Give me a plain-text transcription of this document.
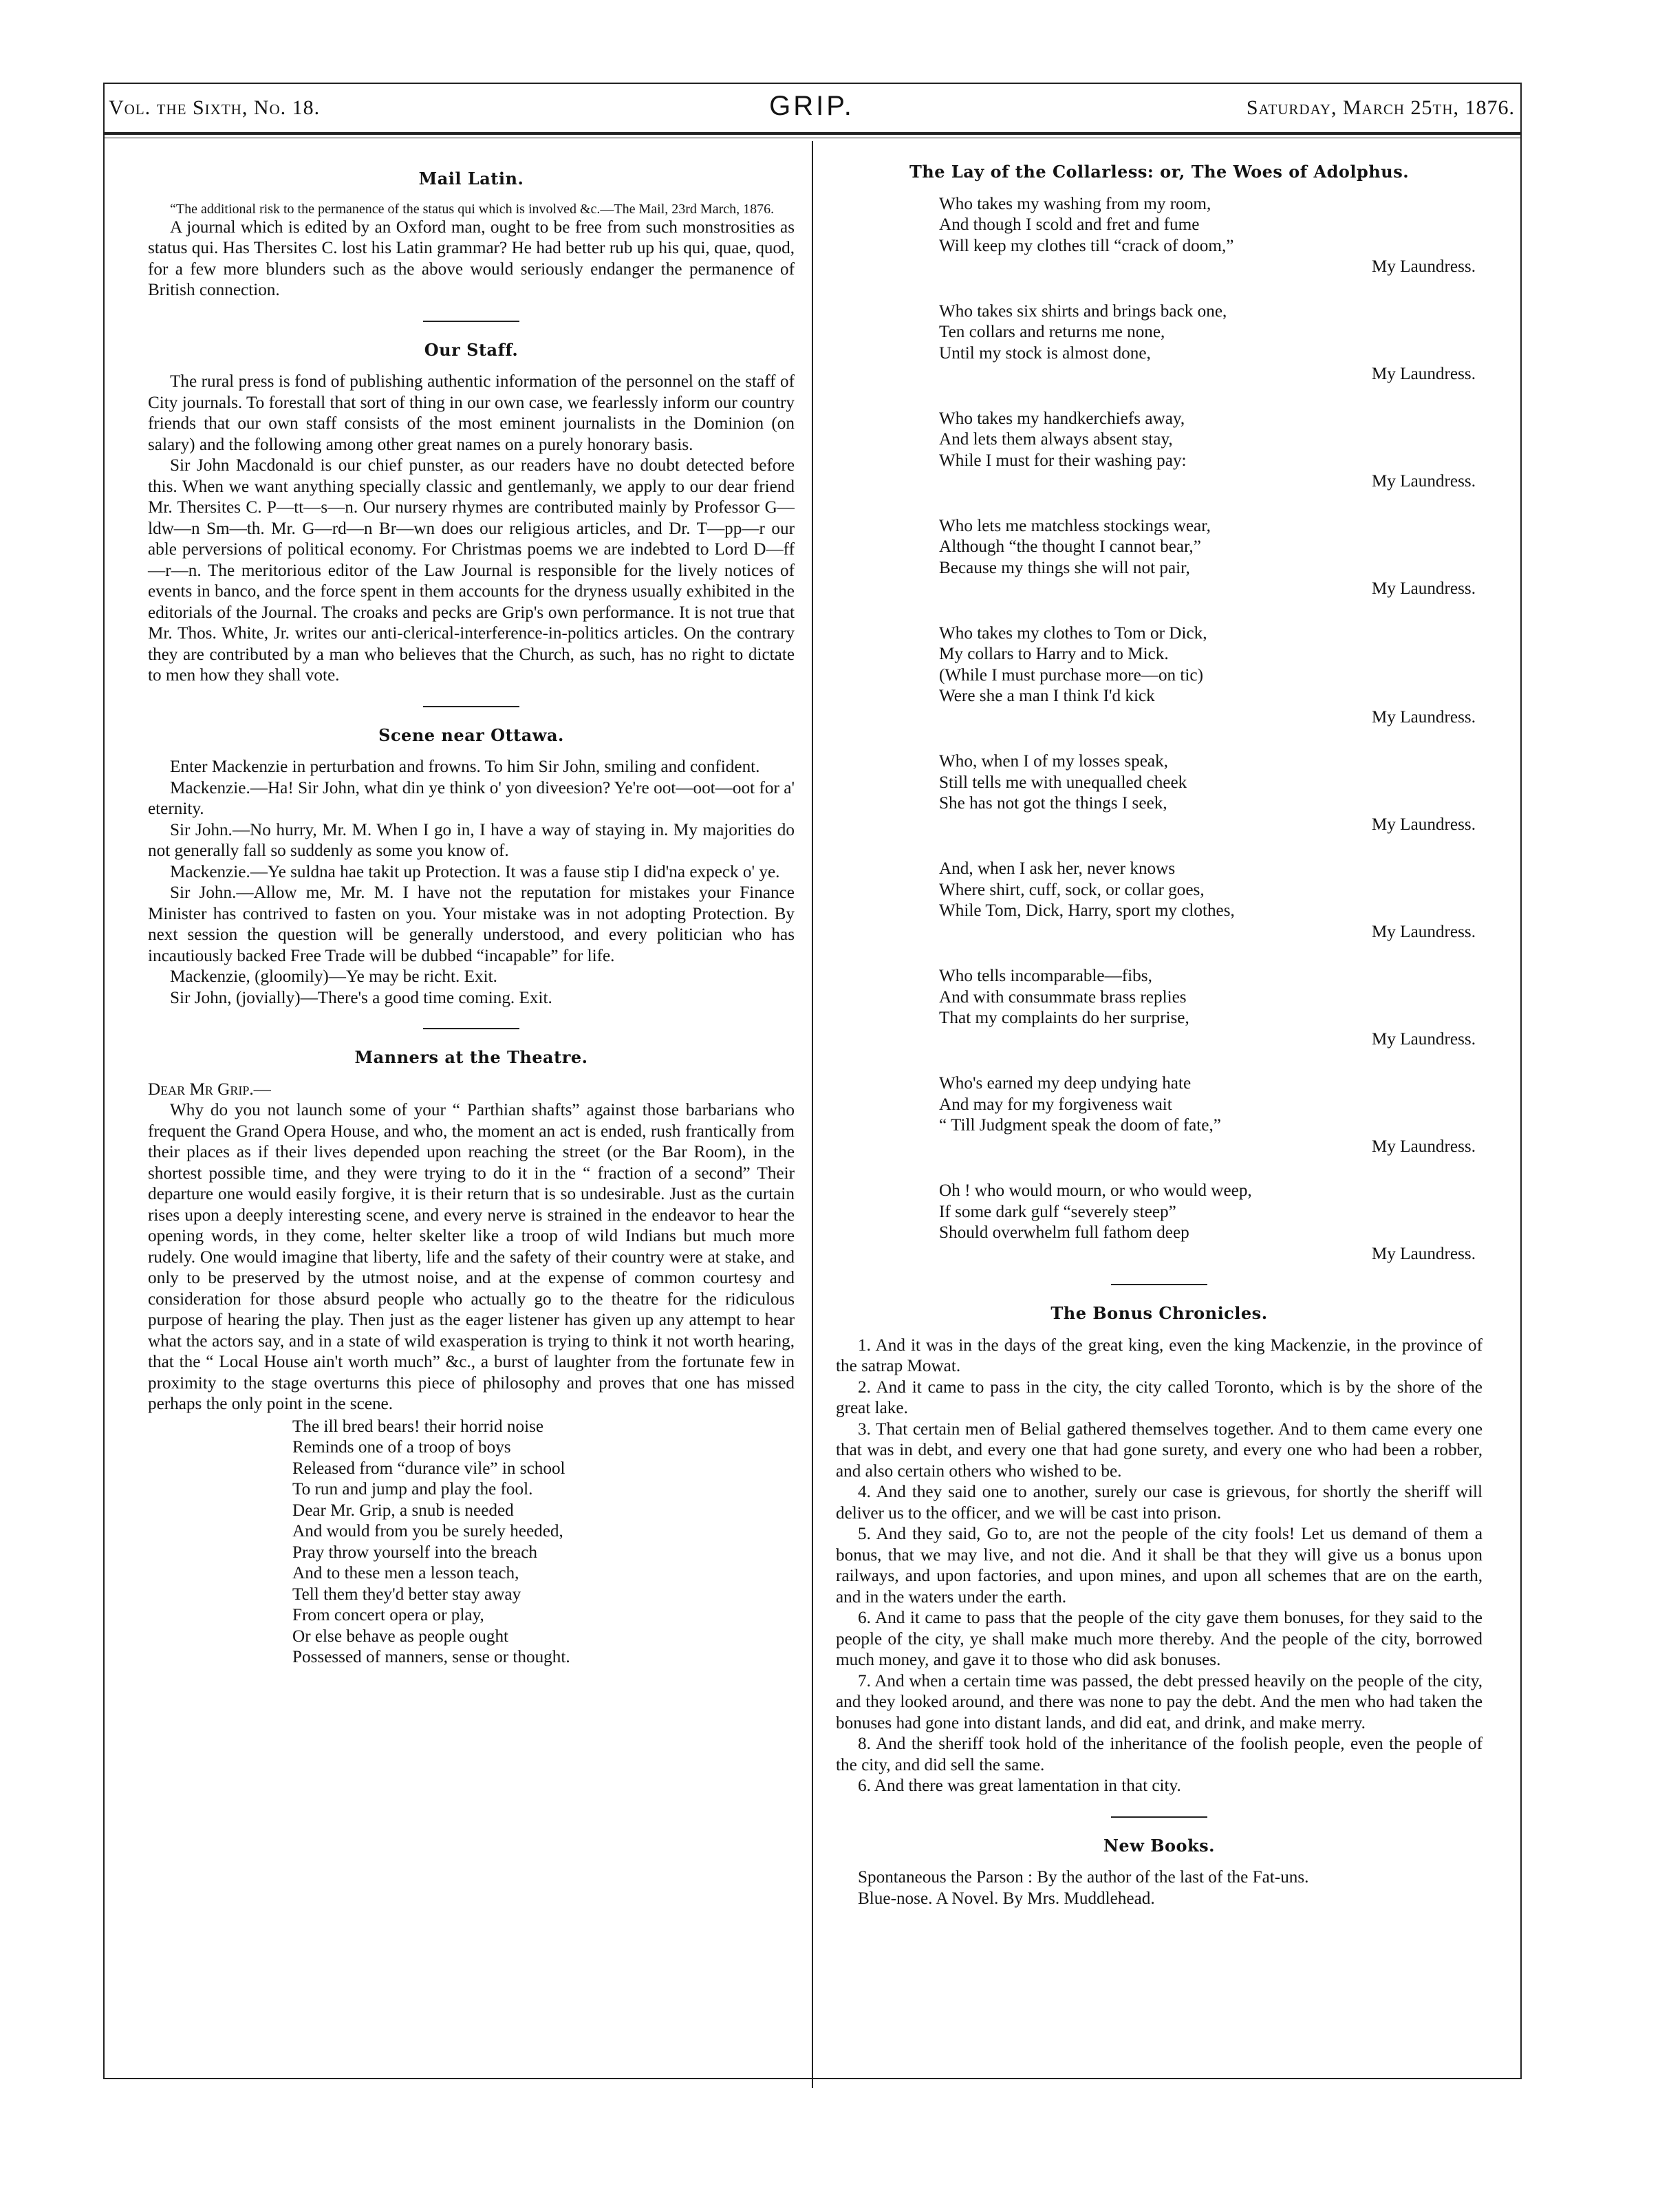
Vol. the Sixth, No. 18.	GRIP.	Saturday, March 25th, 1876.
Mail Latin.

“The additional risk to the permanence of the status qui which is involved &c.—The Mail, 23rd March, 1876.

A journal which is edited by an Oxford man, ought to be free from such monstrosities as status qui. Has Thersites C. lost his Latin grammar? He had better rub up his qui, quae, quod, for a few more blunders such as the above would seriously endanger the permanence of British connection.

Our Staff.

The rural press is fond of publishing authentic information of the personnel on the staff of City journals. To forestall that sort of thing in our own case, we fearlessly inform our country friends that our own staff consists of the most eminent journalists in the Dominion (on salary) and the following among other great names on a purely honorary basis.

Sir John Macdonald is our chief punster, as our readers have no doubt detected before this. When we want anything specially classic and gentlemanly, we apply to our dear friend Mr. Thersites C. P—tt—s—n. Our nursery rhymes are contributed mainly by Professor G—ldw—n Sm—th. Mr. G—rd—n Br—wn does our religious articles, and Dr. T—pp—r our able perversions of political economy. For Christmas poems we are indebted to Lord D—ff—r—n. The meritorious editor of the Law Journal is responsible for the lively notices of events in banco, and the force spent in them accounts for the dryness usually exhibited in the editorials of the Journal. The croaks and pecks are Grip's own performance. It is not true that Mr. Thos. White, Jr. writes our anti-clerical-interference-in-politics articles. On the contrary they are contributed by a man who believes that the Church, as such, has no right to dictate to men how they shall vote.

Scene near Ottawa.

Enter Mackenzie in perturbation and frowns. To him Sir John, smiling and confident.

Mackenzie.—Ha! Sir John, what din ye think o' yon diveesion? Ye're oot—oot—oot for a' eternity.

Sir John.—No hurry, Mr. M. When I go in, I have a way of staying in. My majorities do not generally fall so suddenly as some you know of.

Mackenzie.—Ye suldna hae takit up Protection. It was a fause stip I did'na expeck o' ye.

Sir John.—Allow me, Mr. M. I have not the reputation for mistakes your Finance Minister has contrived to fasten on you. Your mistake was in not adopting Protection. By next session the question will be generally understood, and every politician who has incautiously backed Free Trade will be dubbed “incapable” for life.

Mackenzie, (gloomily)—Ye may be richt. Exit.

Sir John, (jovially)—There's a good time coming. Exit.

Manners at the Theatre.

Dear Mr Grip.—

Why do you not launch some of your “ Parthian shafts” against those barbarians who frequent the Grand Opera House, and who, the moment an act is ended, rush frantically from their places as if their lives depended upon reaching the street (or the Bar Room), in the shortest possible time, and they were trying to do it in the “ fraction of a second” Their departure one would easily forgive, it is their return that is so undesirable. Just as the curtain rises upon a deeply interesting scene, and every nerve is strained in the endeavor to hear the opening words, in they come, helter skelter like a troop of wild Indians but much more rudely. One would imagine that liberty, life and the safety of their country were at stake, and only to be preserved by the utmost noise, and at the expense of common courtesy and consideration for those absurd people who actually go to the theatre for the ridiculous purpose of hearing the play. Then just as the eager listener has given up any attempt to hear what the actors say, and in a state of wild exasperation is trying to think it not worth hearing, that the “ Local House ain't worth much” &c., a burst of laughter from the fortunate few in proximity to the stage overturns this piece of philosophy and proves that one has missed perhaps the only point in the scene.

The ill bred bears! their horrid noise
Reminds one of a troop of boys
Released from “durance vile” in school
To run and jump and play the fool.
Dear Mr. Grip, a snub is needed
And would from you be surely heeded,
Pray throw yourself into the breach
And to these men a lesson teach,
Tell them they'd better stay away
From concert opera or play,
Or else behave as people ought
Possessed of manners, sense or thought.
The Lay of the Collarless: or, The Woes of Adolphus.
Who takes my washing from my room,
And though I scold and fret and fume
Will keep my clothes till “crack of doom,”
My Laundress.
Who takes six shirts and brings back one,
Ten collars and returns me none,
Until my stock is almost done,
My Laundress.
Who takes my handkerchiefs away,
And lets them always absent stay,
While I must for their washing pay:
My Laundress.
Who lets me matchless stockings wear,
Although “the thought I cannot bear,”
Because my things she will not pair,
My Laundress.
Who takes my clothes to Tom or Dick,
My collars to Harry and to Mick.
(While I must purchase more—on tic)
Were she a man I think I'd kick
My Laundress.
Who, when I of my losses speak,
Still tells me with unequalled cheek
She has not got the things I seek,
My Laundress.
And, when I ask her, never knows
Where shirt, cuff, sock, or collar goes,
While Tom, Dick, Harry, sport my clothes,
My Laundress.
Who tells incomparable—fibs,
And with consummate brass replies
That my complaints do her surprise,
My Laundress.
Who's earned my deep undying hate
And may for my forgiveness wait
“ Till Judgment speak the doom of fate,”
My Laundress.
Oh ! who would mourn, or who would weep,
If some dark gulf “severely steep”
Should overwhelm full fathom deep
My Laundress.
The Bonus Chronicles.

1. And it was in the days of the great king, even the king Mackenzie, in the province of the satrap Mowat.

2. And it came to pass in the city, the city called Toronto, which is by the shore of the great lake.

3. That certain men of Belial gathered themselves together. And to them came every one that was in debt, and every one that had gone surety, and every one who had been a robber, and also certain others who wished to be.

4. And they said one to another, surely our case is grievous, for shortly the sheriff will deliver us to the officer, and we will be cast into prison.

5. And they said, Go to, are not the people of the city fools! Let us demand of them a bonus, that we may live, and not die. And it shall be that they will give us a bonus upon railways, and upon factories, and upon mines, and upon all schemes that are on the earth, and in the waters under the earth.

6. And it came to pass that the people of the city gave them bonuses, for they said to the people of the city, ye shall make much more thereby. And the people of the city, borrowed much money, and gave it to those who did ask bonuses.

7. And when a certain time was passed, the debt pressed heavily on the people of the city, and they looked around, and there was none to pay the debt. And the men who had taken the bonuses had gone into distant lands, and did eat, and drink, and make merry.

8. And the sheriff took hold of the inheritance of the foolish people, even the people of the city, and did sell the same.

6. And there was great lamentation in that city.

New Books.

Spontaneous the Parson : By the author of the last of the Fat-uns.

Blue-nose. A Novel. By Mrs. Muddlehead.
